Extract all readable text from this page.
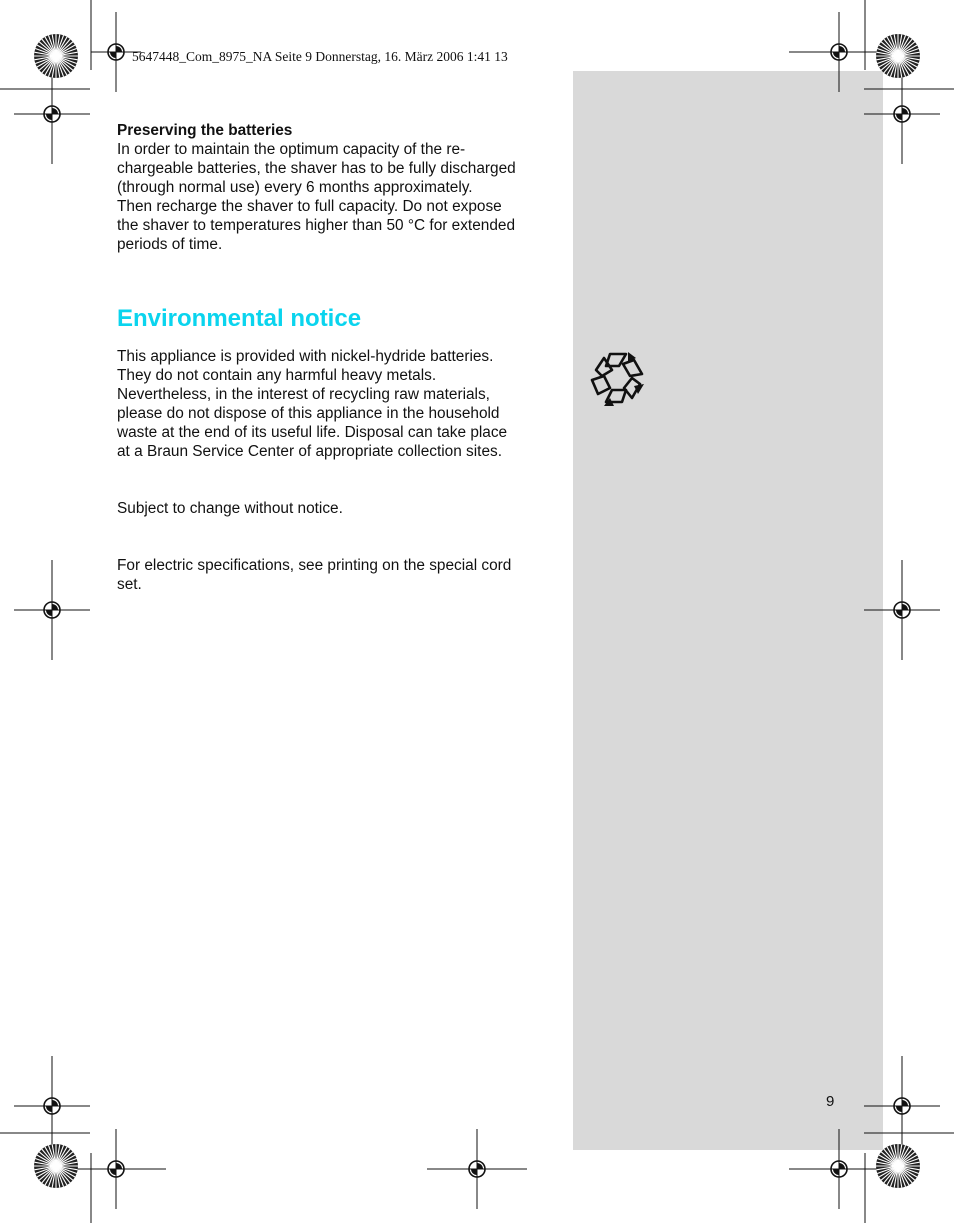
5647448_Com_8975_NA Seite 9 Donnerstag, 16. März 2006 1:41 13

Preserving the batteries

In order to maintain the optimum capacity of the re-

chargeable batteries, the shaver has to be fully discharged

(through normal use) every 6 months approximately.

Then recharge the shaver to full capacity. Do not expose

the shaver to temperatures higher than 50 °C for extended

periods of time.

Environmental notice

This appliance is provided with nickel-hydride batteries.

They do not contain any harmful heavy metals.

Nevertheless, in the interest of recycling raw materials,

please do not dispose of this appliance in the household

waste at the end of its useful life. Disposal can take place

at a Braun Service Center of appropriate collection sites.

Subject to change without notice.

For electric specifications, see printing on the special cord

set.

9
